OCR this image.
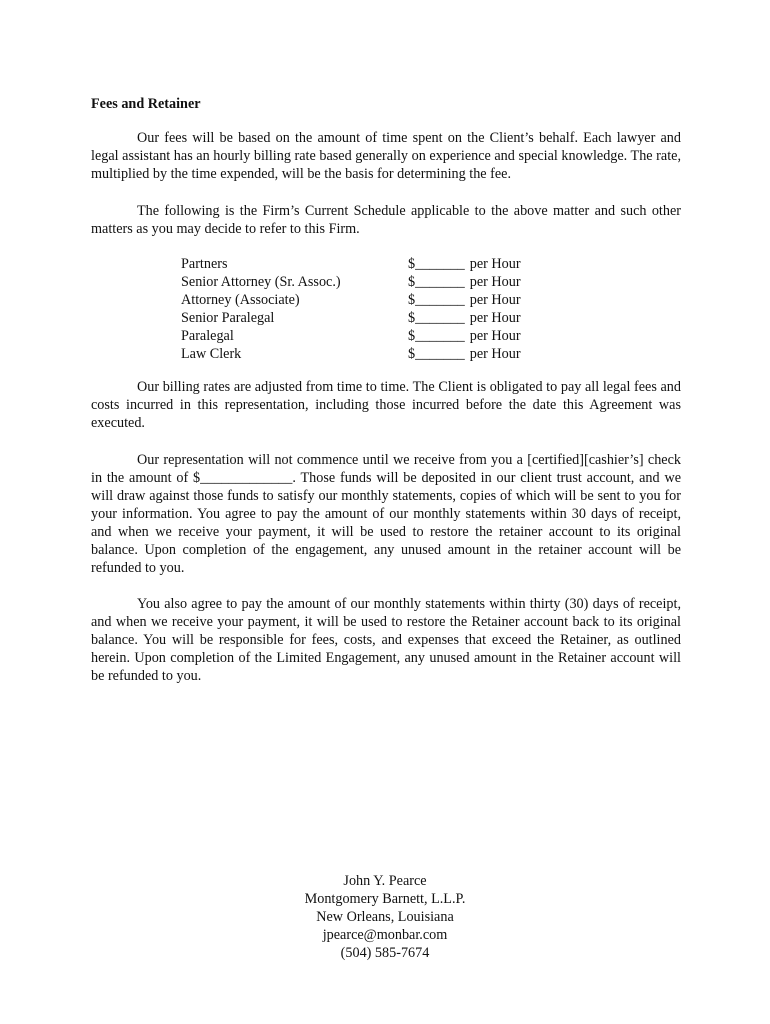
Fees and Retainer

Our fees will be based on the amount of time spent on the Client’s behalf. Each lawyer and legal assistant has an hourly billing rate based generally on experience and special knowledge. The rate, multiplied by the time expended, will be the basis for determining the fee.

The following is the Firm’s Current Schedule applicable to the above matter and such other matters as you may decide to refer to this Firm.

Partners	$_______ per Hour
Senior Attorney (Sr. Assoc.)	$_______ per Hour
Attorney (Associate)	$_______ per Hour
Senior Paralegal	$_______ per Hour
Paralegal	$_______ per Hour
Law Clerk	$_______ per Hour

Our billing rates are adjusted from time to time. The Client is obligated to pay all legal fees and costs incurred in this representation, including those incurred before the date this Agreement was executed.

Our representation will not commence until we receive from you a [certified][cashier’s] check in the amount of $_____________. Those funds will be deposited in our client trust account, and we will draw against those funds to satisfy our monthly statements, copies of which will be sent to you for your information. You agree to pay the amount of our monthly statements within 30 days of receipt, and when we receive your payment, it will be used to restore the retainer account to its original balance. Upon completion of the engagement, any unused amount in the retainer account will be refunded to you.

You also agree to pay the amount of our monthly statements within thirty (30) days of receipt, and when we receive your payment, it will be used to restore the Retainer account back to its original balance. You will be responsible for fees, costs, and expenses that exceed the Retainer, as outlined herein. Upon completion of the Limited Engagement, any unused amount in the Retainer account will be refunded to you.

John Y. Pearce
Montgomery Barnett, L.L.P.
New Orleans, Louisiana
jpearce@monbar.com
(504) 585-7674
